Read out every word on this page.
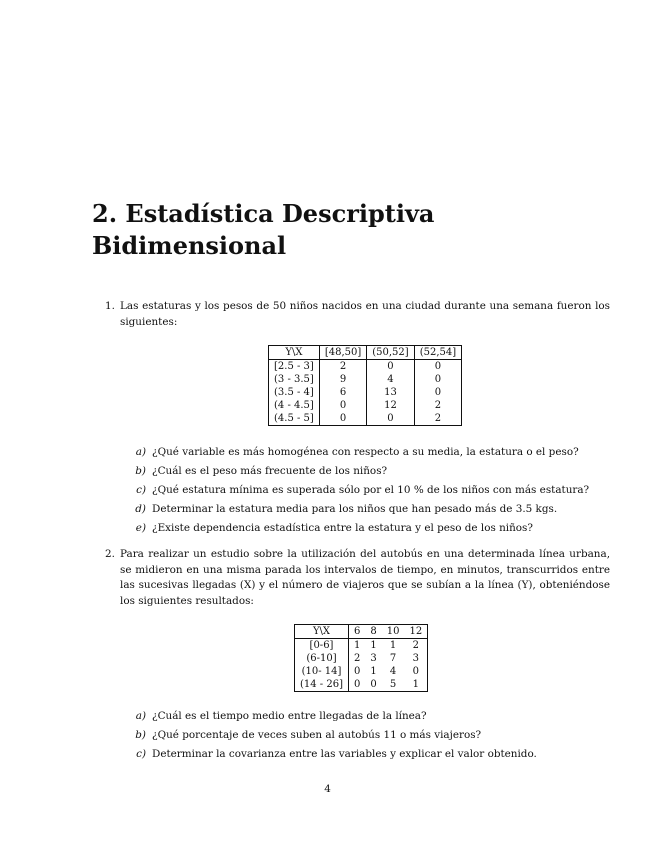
2. Estadística Descriptiva
Bidimensional
1. Las estaturas y los pesos de 50 niños nacidos en una ciudad durante una semana fueron los siguientes:
Y\X	[48,50]	(50,52]	(52,54]
[2.5 - 3]	2	0	0
(3 - 3.5]	9	4	0
(3.5 - 4]	6	13	0
(4 - 4.5]	0	12	2
(4.5 - 5]	0	0	2
a) ¿Qué variable es más homogénea con respecto a su media, la estatura o el peso?
b) ¿Cuál es el peso más frecuente de los niños?
c) ¿Qué estatura mínima es superada sólo por el 10 % de los niños con más estatura?
d) Determinar la estatura media para los niños que han pesado más de 3.5 kgs.
e) ¿Existe dependencia estadística entre la estatura y el peso de los niños?
2. Para realizar un estudio sobre la utilización del autobús en una determinada línea urbana, se midieron en una misma parada los intervalos de tiempo, en minutos, transcurridos entre las sucesivas llegadas (X) y el número de viajeros que se subían a la línea (Y), obteniéndose los siguientes resultados:
Y\X	6	8	10	12
[0-6]	1	1	1	2
(6-10]	2	3	7	3
(10- 14]	0	1	4	0
(14 - 26]	0	0	5	1
a) ¿Cuál es el tiempo medio entre llegadas de la línea?
b) ¿Qué porcentaje de veces suben al autobús 11 o más viajeros?
c) Determinar la covarianza entre las variables y explicar el valor obtenido.
4
